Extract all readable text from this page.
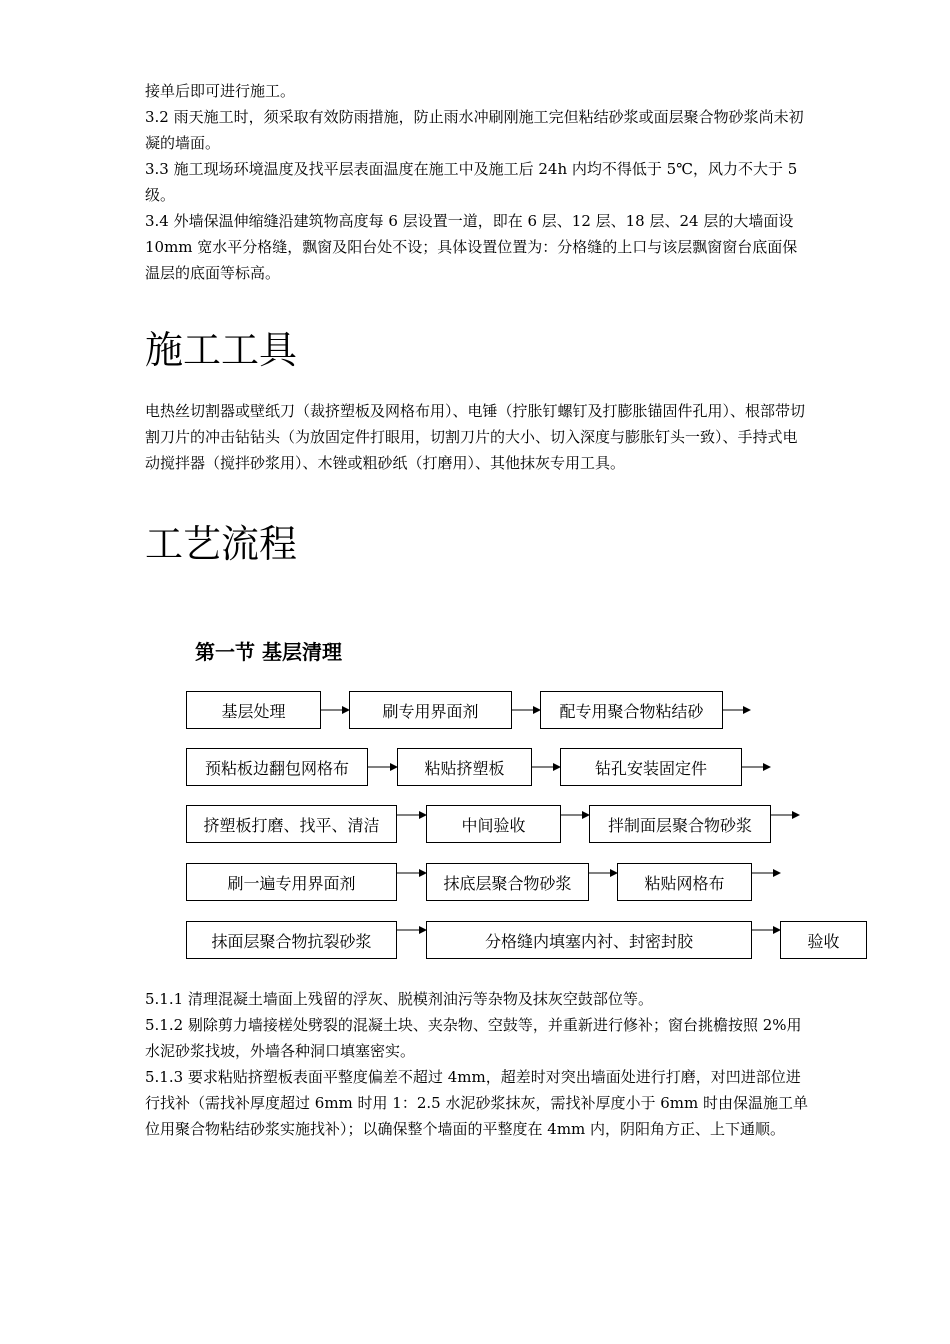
接单后即可进行施工。

3.2 雨天施工时，须采取有效防雨措施，防止雨水冲刷刚施工完但粘结砂浆或面层聚合物砂浆尚未初凝的墙面。

3.3 施工现场环境温度及找平层表面温度在施工中及施工后 24h 内均不得低于 5℃，风力不大于 5 级。

3.4 外墙保温伸缩缝沿建筑物高度每 6 层设置一道，即在 6 层、12 层、18 层、24 层的大墙面设 10mm 宽水平分格缝，飘窗及阳台处不设；具体设置位置为：分格缝的上口与该层飘窗窗台底面保温层的底面等标高。

施工工具

电热丝切割器或壁纸刀（裁挤塑板及网格布用）、电锤（拧胀钉螺钉及打膨胀锚固件孔用）、根部带切割刀片的冲击钻钻头（为放固定件打眼用，切割刀片的大小、切入深度与膨胀钉头一致）、手持式电动搅拌器（搅拌砂浆用）、木锉或粗砂纸（打磨用）、其他抹灰专用工具。

工艺流程
第一节 基层清理
基层处理	刷专用界面剂	配专用聚合物粘结砂
预粘板边翻包网格布	粘贴挤塑板	钻孔安装固定件
挤塑板打磨、找平、清洁	中间验收	拌制面层聚合物砂浆
刷一遍专用界面剂	抹底层聚合物砂浆	粘贴网格布
抹面层聚合物抗裂砂浆	分格缝内填塞内衬、封密封胶	验收

5.1.1 清理混凝土墙面上残留的浮灰、脱模剂油污等杂物及抹灰空鼓部位等。

5.1.2 剔除剪力墙接槎处劈裂的混凝土块、夹杂物、空鼓等，并重新进行修补；窗台挑檐按照 2%用水泥砂浆找坡，外墙各种洞口填塞密实。

5.1.3 要求粘贴挤塑板表面平整度偏差不超过 4mm，超差时对突出墙面处进行打磨，对凹进部位进行找补（需找补厚度超过 6mm 时用 1：2.5 水泥砂浆抹灰，需找补厚度小于 6mm 时由保温施工单位用聚合物粘结砂浆实施找补）；以确保整个墙面的平整度在 4mm 内，阴阳角方正、上下通顺。
